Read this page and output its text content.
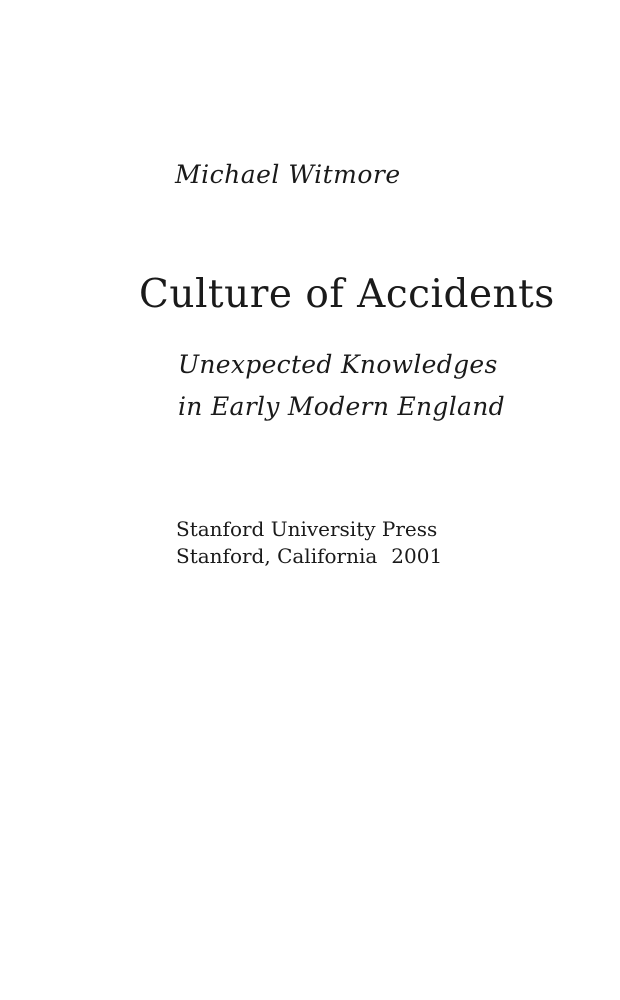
Michael Witmore
Culture of Accidents
Unexpected Knowledges
in Early Modern England
Stanford University Press
Stanford, California 2001
